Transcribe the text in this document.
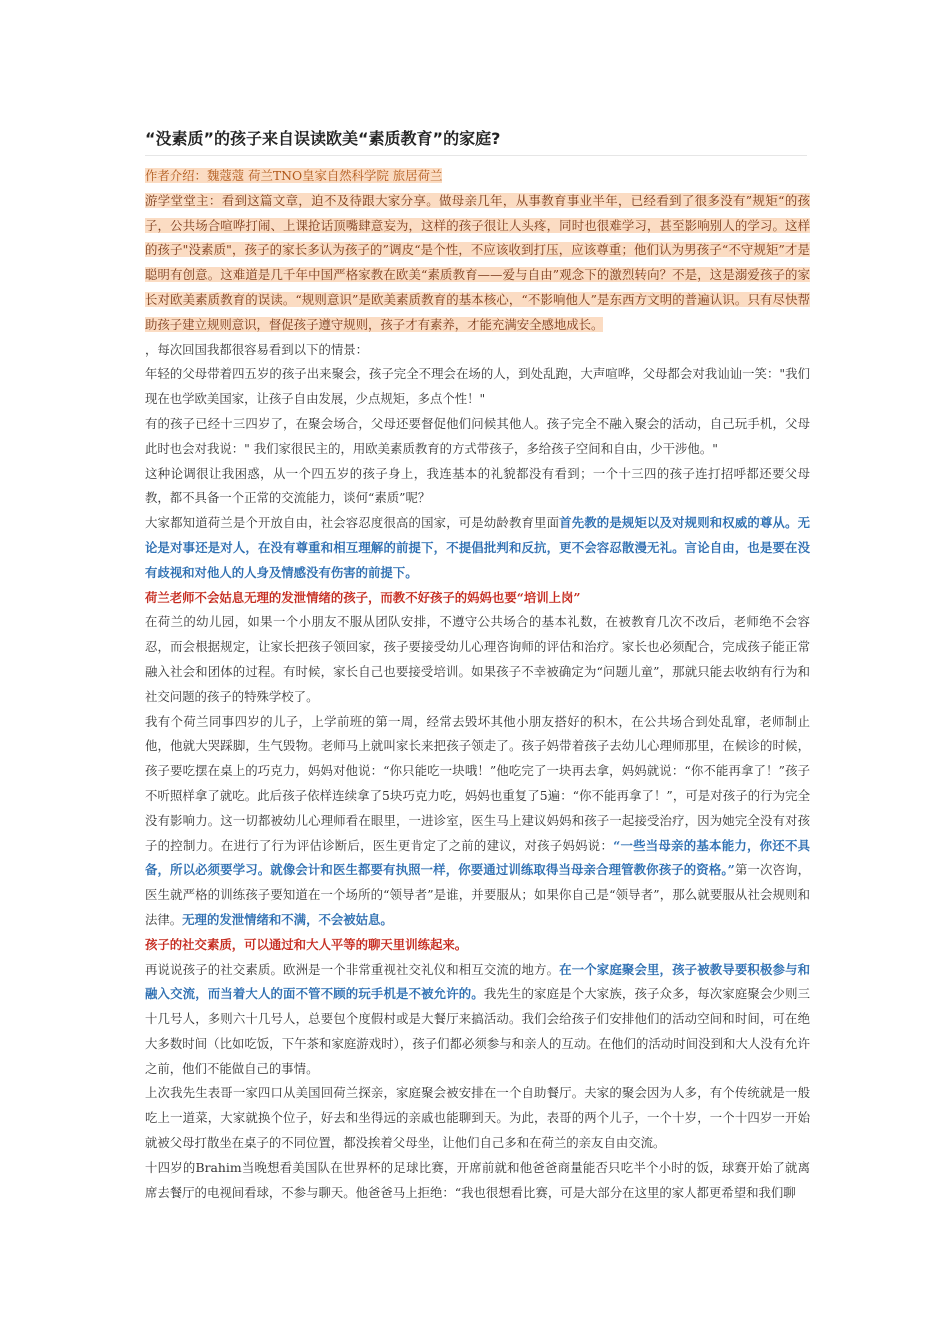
“没素质”的孩子来自误读欧美“素质教育”的家庭?

作者介绍：魏蔻蔻 荷兰TNO皇家自然科学院 旅居荷兰

游学堂堂主：看到这篇文章，迫不及待跟大家分享。做母亲几年，从事教育事业半年，已经看到了很多没有”规矩“的孩子，公共场合喧哗打闹、上课抢话顶嘴肆意妄为，这样的孩子很让人头疼，同时也很难学习，甚至影响别人的学习。这样的孩子"没素质"，孩子的家长多认为孩子的”调皮“是个性，不应该收到打压，应该尊重；他们认为男孩子“不守规矩”才是聪明有创意。这难道是几千年中国严格家教在欧美“素质教育——爱与自由”观念下的激烈转向？不是，这是溺爱孩子的家长对欧美素质教育的误读。“规则意识”是欧美素质教育的基本核心，“不影响他人”是东西方文明的普遍认识。只有尽快帮助孩子建立规则意识，督促孩子遵守规则，孩子才有素养，才能充满安全感地成长。

，每次回国我都很容易看到以下的情景：

年轻的父母带着四五岁的孩子出来聚会，孩子完全不理会在场的人，到处乱跑，大声喧哗，父母都会对我讪讪一笑："我们现在也学欧美国家，让孩子自由发展，少点规矩，多点个性！"

有的孩子已经十三四岁了，在聚会场合，父母还要督促他们问候其他人。孩子完全不融入聚会的活动，自己玩手机，父母此时也会对我说：" 我们家很民主的，用欧美素质教育的方式带孩子，多给孩子空间和自由，少干涉他。"

这种论调很让我困惑，从一个四五岁的孩子身上，我连基本的礼貌都没有看到；一个十三四的孩子连打招呼都还要父母教，都不具备一个正常的交流能力，谈何“素质”呢？

大家都知道荷兰是个开放自由，社会容忍度很高的国家，可是幼龄教育里面首先教的是规矩以及对规则和权威的尊从。无论是对事还是对人，在没有尊重和相互理解的前提下，不提倡批判和反抗，更不会容忍散漫无礼。言论自由，也是要在没有歧视和对他人的人身及情感没有伤害的前提下。

荷兰老师不会姑息无理的发泄情绪的孩子，而教不好孩子的妈妈也要“培训上岗”

在荷兰的幼儿园，如果一个小朋友不服从团队安排，不遵守公共场合的基本礼数，在被教育几次不改后，老师绝不会容忍，而会根据规定，让家长把孩子领回家，孩子要接受幼儿心理咨询师的评估和治疗。家长也必须配合，完成孩子能正常融入社会和团体的过程。有时候，家长自己也要接受培训。如果孩子不幸被确定为“问题儿童”，那就只能去收纳有行为和社交问题的孩子的特殊学校了。

我有个荷兰同事四岁的儿子，上学前班的第一周，经常去毁坏其他小朋友搭好的积木，在公共场合到处乱窜，老师制止他，他就大哭踩脚，生气毁物。老师马上就叫家长来把孩子领走了。孩子妈带着孩子去幼儿心理师那里，在候诊的时候，孩子要吃摆在桌上的巧克力，妈妈对他说：“你只能吃一块哦！”他吃完了一块再去拿，妈妈就说：“你不能再拿了！”孩子不听照样拿了就吃。此后孩子依样连续拿了5块巧克力吃，妈妈也重复了5遍：“你不能再拿了！”，可是对孩子的行为完全没有影响力。这一切都被幼儿心理师看在眼里，一进诊室，医生马上建议妈妈和孩子一起接受治疗，因为她完全没有对孩子的控制力。在进行了行为评估诊断后，医生更肯定了之前的建议，对孩子妈妈说：“一些当母亲的基本能力，你还不具备，所以必须要学习。就像会计和医生都要有执照一样，你要通过训练取得当母亲合理管教你孩子的资格。”第一次咨询，医生就严格的训练孩子要知道在一个场所的“领导者”是谁，并要服从；如果你自己是“领导者”，那么就要服从社会规则和法律。无理的发泄情绪和不满，不会被姑息。

孩子的社交素质，可以通过和大人平等的聊天里训练起来。

再说说孩子的社交素质。欧洲是一个非常重视社交礼仪和相互交流的地方。在一个家庭聚会里，孩子被教导要积极参与和融入交流，而当着大人的面不管不顾的玩手机是不被允许的。我先生的家庭是个大家族，孩子众多，每次家庭聚会少则三十几号人，多则六十几号人，总要包个度假村或是大餐厅来搞活动。我们会给孩子们安排他们的活动空间和时间，可在绝大多数时间（比如吃饭，下午茶和家庭游戏时），孩子们都必须参与和亲人的互动。在他们的活动时间没到和大人没有允许之前，他们不能做自己的事情。

上次我先生表哥一家四口从美国回荷兰探亲，家庭聚会被安排在一个自助餐厅。夫家的聚会因为人多，有个传统就是一般吃上一道菜，大家就换个位子，好去和坐得远的亲戚也能聊到天。为此，表哥的两个儿子，一个十岁，一个十四岁一开始就被父母打散坐在桌子的不同位置，都没挨着父母坐，让他们自己多和在荷兰的亲友自由交流。

十四岁的Brahim当晚想看美国队在世界杯的足球比赛，开席前就和他爸爸商量能否只吃半个小时的饭，球赛开始了就离席去餐厅的电视间看球，不参与聊天。他爸爸马上拒绝：“我也很想看比赛，可是大部分在这里的家人都更希望和我们聊
